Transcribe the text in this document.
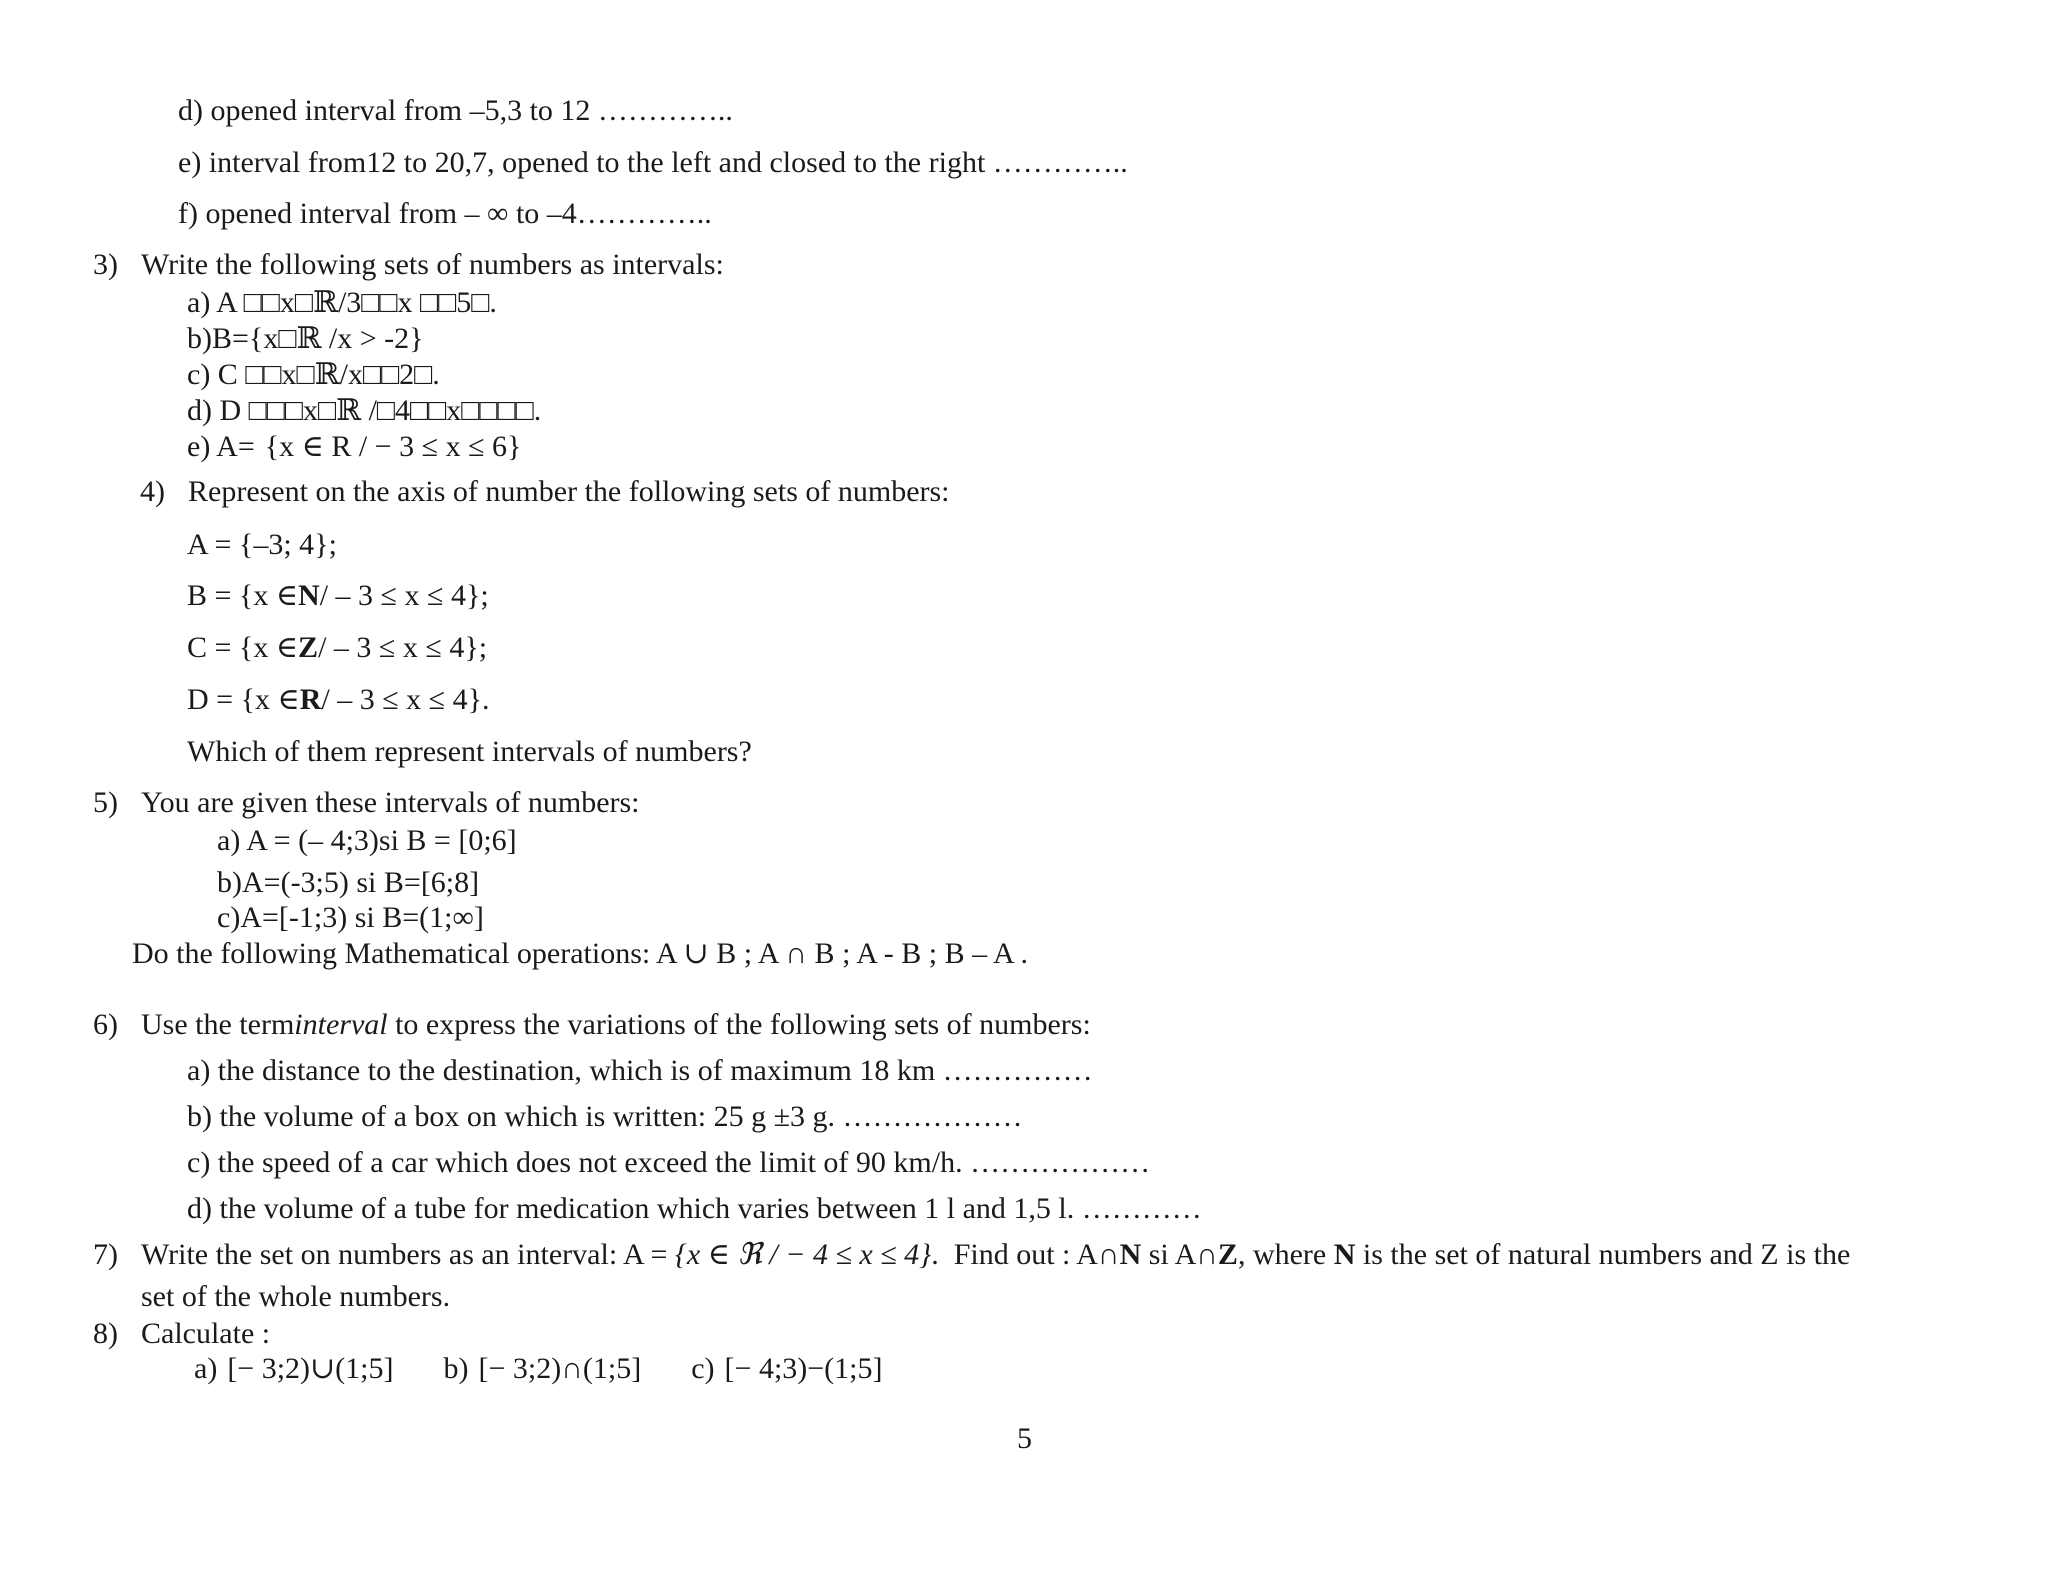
d) opened interval from –5,3 to 12 …………..
e) interval from12 to 20,7, opened to the left and closed to the right …………..
f) opened interval from – ∞ to –4…………..
3) Write the following sets of numbers as intervals:
a) A □□x□ℝ/3□□x □□5□.
b)B={x□ℝ /x > -2}
c) C □□x□ℝ/x□□2□.
d) D □□□x□ℝ /□4□□x□□□□.
e) A= {x ∈ R / − 3 ≤ x ≤ 6}
4) Represent on the axis of number the following sets of numbers:
A = {–3; 4};
B = {x ∈ N / – 3 ≤ x ≤ 4};
C = {x ∈ Z / – 3 ≤ x ≤ 4};
D = {x ∈ R / – 3 ≤ x ≤ 4}.
Which of them represent intervals of numbers?
5) You are given these intervals of numbers:
a) A = (– 4;3)si B = [0;6]
b)A=(-3;5) si B=[6;8]
c)A=[-1;3) si B=(1;∞]
Do the following Mathematical operations: A ∪ B ; A ∩ B ; A - B ; B – A .
6) Use the term interval to express the variations of the following sets of numbers:
a) the distance to the destination, which is of maximum 18 km ……………
b) the volume of a box on which is written: 25 g ±3 g. ………………
c) the speed of a car which does not exceed the limit of 90 km/h. ………………
d) the volume of a tube for medication which varies between 1 l and 1,5 l. …………
7) Write the set on numbers as an interval: A = {x ∈ ℜ / − 4 ≤ x ≤ 4} .  Find out : A∩ N si A∩ Z , where N is the set of natural numbers and Z is the
set of the whole numbers.
8) Calculate :
a) [− 3;2)∪(1;5] b) [− 3;2)∩(1;5] c) [− 4;3)−(1;5]
5
